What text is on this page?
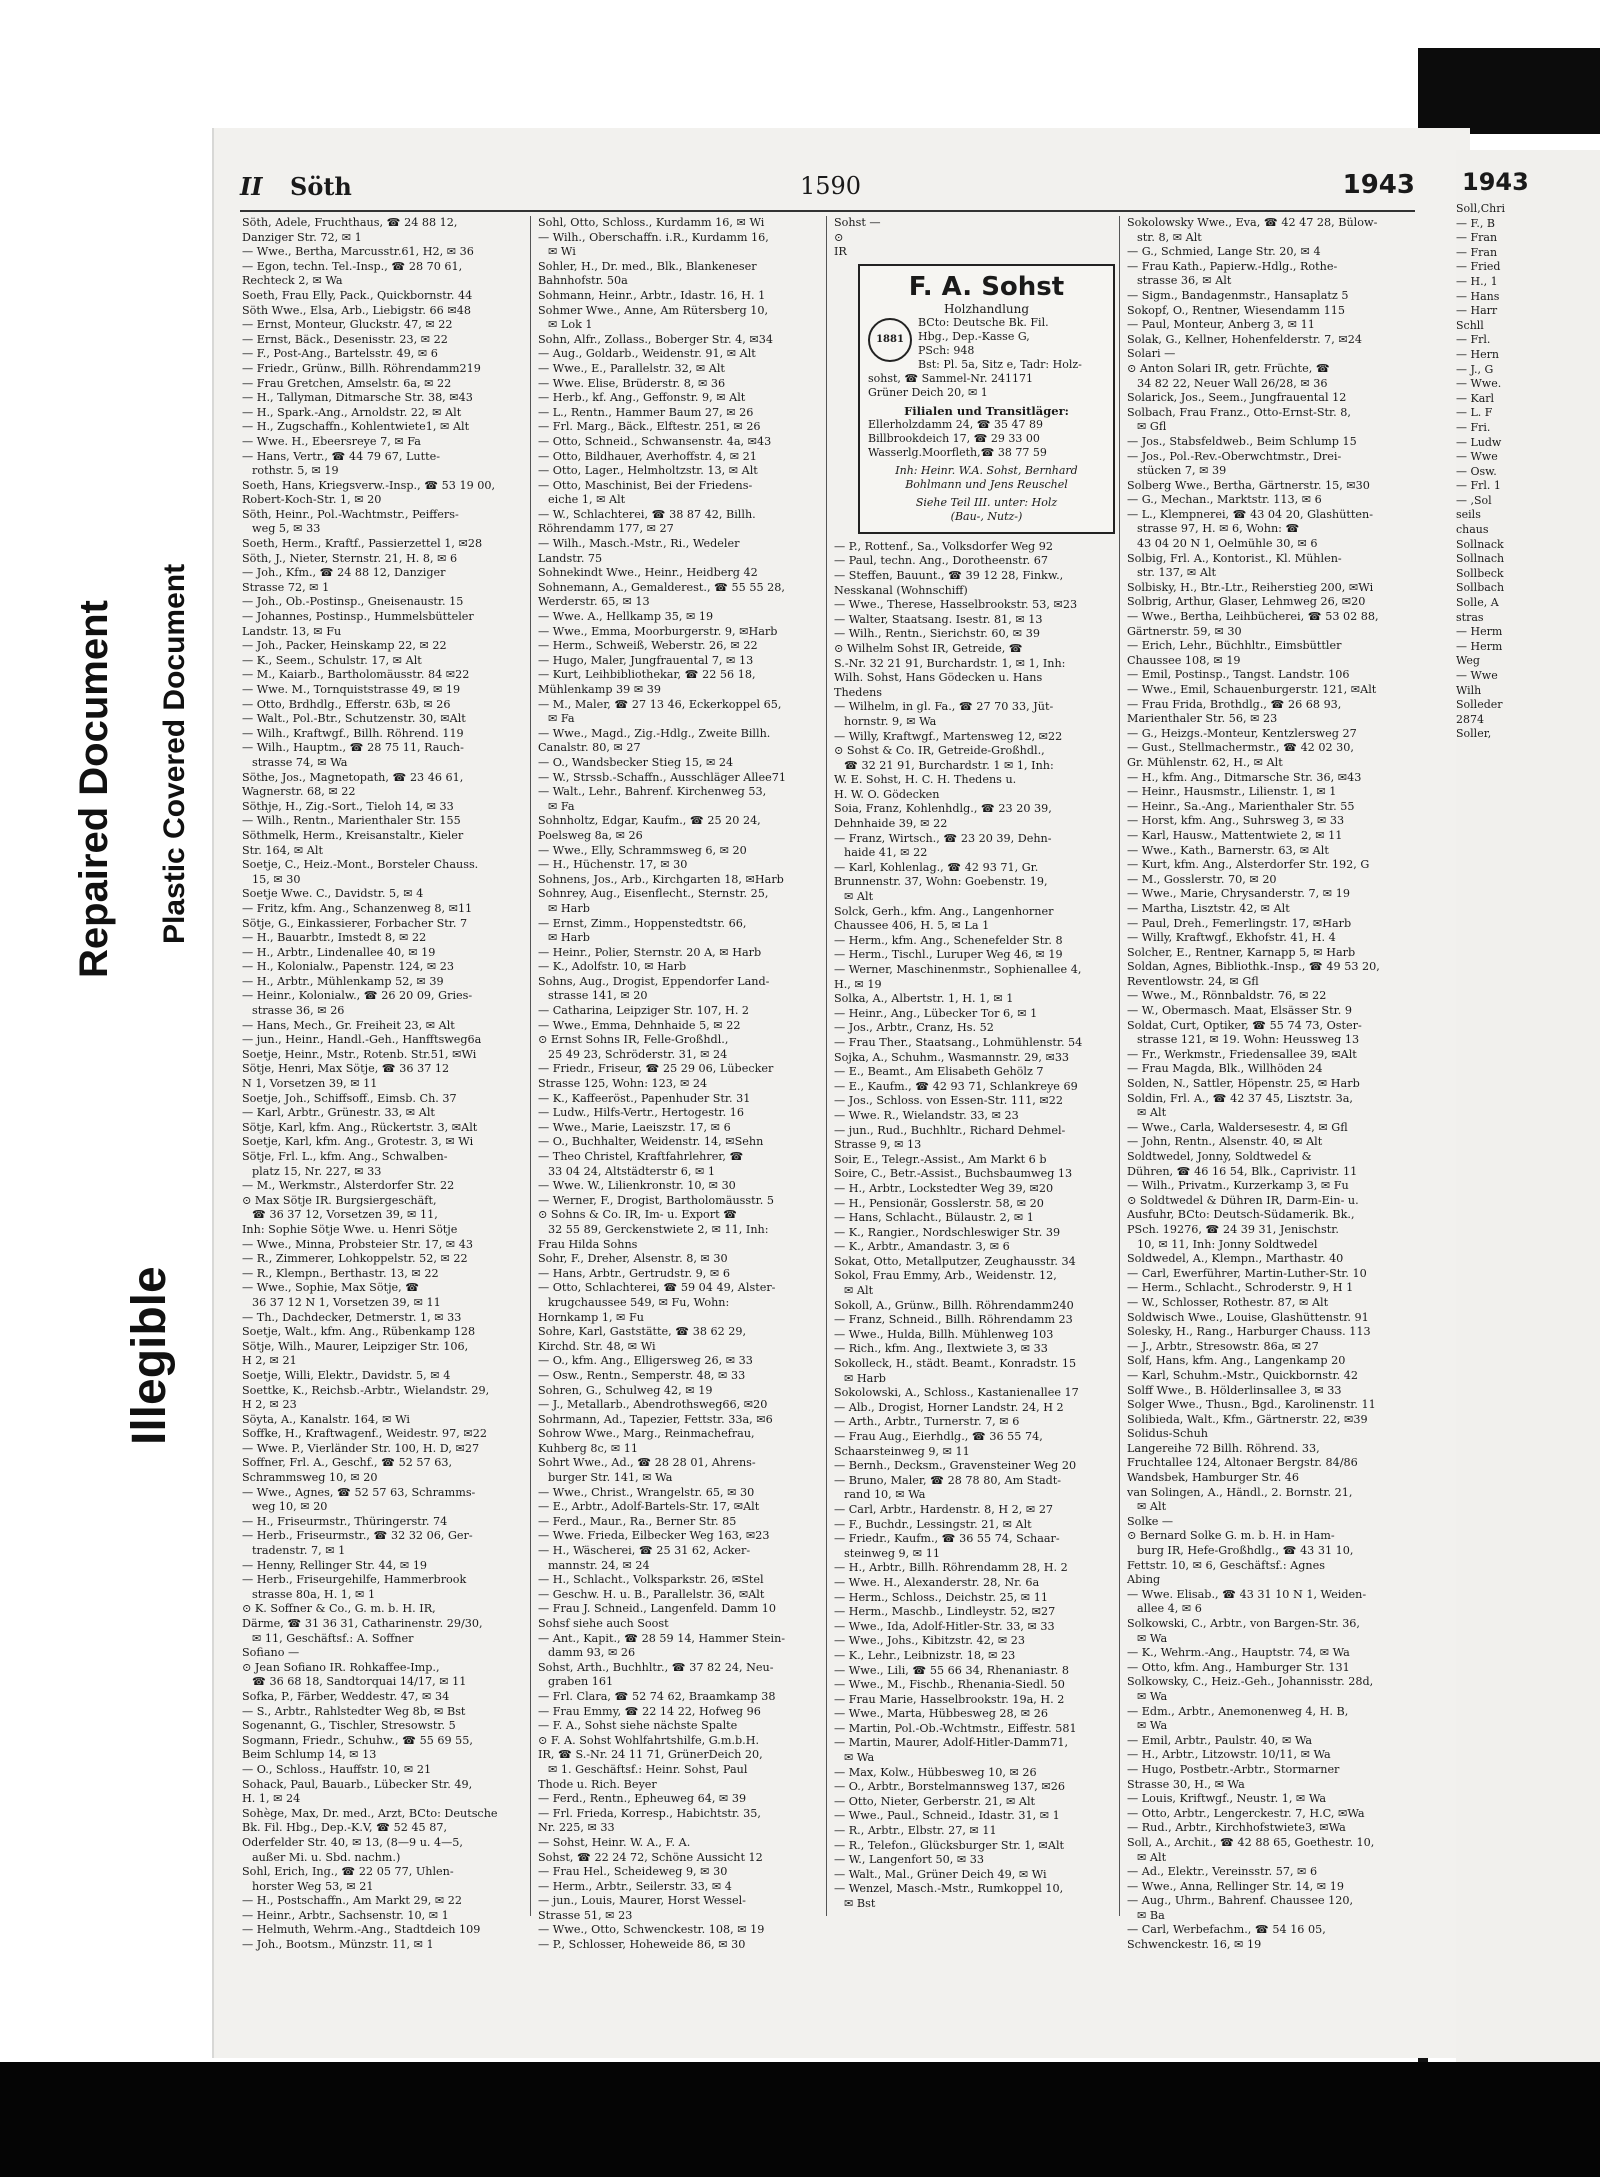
1943

Soll,Chri

— F., B

— Fran

— Fran

— Fried

— H., 1

— Hans

— Harr

Schll

— Frl.

— Hern

— J., G

— Wwe.

— Karl

— L. F

— Fri.

— Ludw

— Wwe

— Osw.

— Frl. 1

— ,Sol

seils

chaus

Sollnack

Sollnach

Sollbeck

Sollbach

Solle, A

stras

— Herm

— Herm

Weg

— Wwe

Wilh

Solleder

2874

Soller,

II Söth	1590	1943

Söth, Adele, Fruchthaus, ☎ 24 88 12,

Danziger Str. 72, ✉ 1

— Wwe., Bertha, Marcusstr.61, H2, ✉ 36

— Egon, techn. Tel.-Insp., ☎ 28 70 61,

Rechteck 2, ✉ Wa

Soeth, Frau Elly, Pack., Quickbornstr. 44

Söth Wwe., Elsa, Arb., Liebigstr. 66 ✉48

— Ernst, Monteur, Gluckstr. 47, ✉ 22

— Ernst, Bäck., Desenisstr. 23, ✉ 22

— F., Post-Ang., Bartelsstr. 49, ✉ 6

— Friedr., Grünw., Billh. Röhrendamm219

— Frau Gretchen, Amselstr. 6a, ✉ 22

— H., Tallyman, Ditmarsche Str. 38, ✉43

— H., Spark.-Ang., Arnoldstr. 22, ✉ Alt

— H., Zugschaffn., Kohlentwiete1, ✉ Alt

— Wwe. H., Ebeersreye 7, ✉ Fa

— Hans, Vertr., ☎ 44 79 67, Lutte-

rothstr. 5, ✉ 19

Soeth, Hans, Kriegsverw.-Insp., ☎ 53 19 00,

Robert-Koch-Str. 1, ✉ 20

Söth, Heinr., Pol.-Wachtmstr., Peiffers-

weg 5, ✉ 33

Soeth, Herm., Kraftf., Passierzettel 1, ✉28

Söth, J., Nieter, Sternstr. 21, H. 8, ✉ 6

— Joh., Kfm., ☎ 24 88 12, Danziger

Strasse 72, ✉ 1

— Joh., Ob.-Postinsp., Gneisenaustr. 15

— Johannes, Postinsp., Hummelsbütteler

Landstr. 13, ✉ Fu

— Joh., Packer, Heinskamp 22, ✉ 22

— K., Seem., Schulstr. 17, ✉ Alt

— M., Kaiarb., Bartholomäusstr. 84 ✉22

— Wwe. M., Tornquiststrasse 49, ✉ 19

— Otto, Brdhdlg., Efferstr. 63b, ✉ 26

— Walt., Pol.-Btr., Schutzenstr. 30, ✉Alt

— Wilh., Kraftwgf., Billh. Röhrend. 119

— Wilh., Hauptm., ☎ 28 75 11, Rauch-

strasse 74, ✉ Wa

Söthe, Jos., Magnetopath, ☎ 23 46 61,

Wagnerstr. 68, ✉ 22

Söthje, H., Zig.-Sort., Tieloh 14, ✉ 33

— Wilh., Rentn., Marienthaler Str. 155

Söthmelk, Herm., Kreisanstaltr., Kieler

Str. 164, ✉ Alt

Soetje, C., Heiz.-Mont., Borsteler Chauss.

15, ✉ 30

Soetje Wwe. C., Davidstr. 5, ✉ 4

— Fritz, kfm. Ang., Schanzenweg 8, ✉11

Sötje, G., Einkassierer, Forbacher Str. 7

— H., Bauarbtr., Imstedt 8, ✉ 22

— H., Arbtr., Lindenallee 40, ✉ 19

— H., Kolonialw., Papenstr. 124, ✉ 23

— H., Arbtr., Mühlenkamp 52, ✉ 39

— Heinr., Kolonialw., ☎ 26 20 09, Gries-

strasse 36, ✉ 26

— Hans, Mech., Gr. Freiheit 23, ✉ Alt

— jun., Heinr., Handl.-Geh., Hanfftsweg6a

Soetje, Heinr., Mstr., Rotenb. Str.51, ✉Wi

Sötje, Henri, Max Sötje, ☎ 36 37 12

N 1, Vorsetzen 39, ✉ 11

Soetje, Joh., Schiffsoff., Eimsb. Ch. 37

— Karl, Arbtr., Grünestr. 33, ✉ Alt

Sötje, Karl, kfm. Ang., Rückertstr. 3, ✉Alt

Soetje, Karl, kfm. Ang., Grotestr. 3, ✉ Wi

Sötje, Frl. L., kfm. Ang., Schwalben-

platz 15, Nr. 227, ✉ 33

— M., Werkmstr., Alsterdorfer Str. 22

⊙ Max Sötje IR. Burgsiergeschäft,

☎ 36 37 12, Vorsetzen 39, ✉ 11,

Inh: Sophie Sötje Wwe. u. Henri Sötje

— Wwe., Minna, Probsteier Str. 17, ✉ 43

— R., Zimmerer, Lohkoppelstr. 52, ✉ 22

— R., Klempn., Berthastr. 13, ✉ 22

— Wwe., Sophie, Max Sötje, ☎

36 37 12 N 1, Vorsetzen 39, ✉ 11

— Th., Dachdecker, Detmerstr. 1, ✉ 33

Soetje, Walt., kfm. Ang., Rübenkamp 128

Sötje, Wilh., Maurer, Leipziger Str. 106,

H 2, ✉ 21

Soetje, Willi, Elektr., Davidstr. 5, ✉ 4

Soettke, K., Reichsb.-Arbtr., Wielandstr. 29,

H 2, ✉ 23

Söyta, A., Kanalstr. 164, ✉ Wi

Soffke, H., Kraftwagenf., Weidestr. 97, ✉22

— Wwe. P., Vierländer Str. 100, H. D, ✉27

Soffner, Frl. A., Geschf., ☎ 52 57 63,

Schrammsweg 10, ✉ 20

— Wwe., Agnes, ☎ 52 57 63, Schramms-

weg 10, ✉ 20

— H., Friseurmstr., Thüringerstr. 74

— Herb., Friseurmstr., ☎ 32 32 06, Ger-

tradenstr. 7, ✉ 1

— Henny, Rellinger Str. 44, ✉ 19

— Herb., Friseurgehilfe, Hammerbrook

strasse 80a, H. 1, ✉ 1

⊙ K. Soffner & Co., G. m. b. H. IR,

Därme, ☎ 31 36 31, Catharinenstr. 29/30,

✉ 11, Geschäftsf.: A. Soffner

Sofiano —

⊙ Jean Sofiano IR. Rohkaffee-Imp.,

☎ 36 68 18, Sandtorquai 14/17, ✉ 11

Sofka, P., Färber, Weddestr. 47, ✉ 34

— S., Arbtr., Rahlstedter Weg 8b, ✉ Bst

Sogenannt, G., Tischler, Stresowstr. 5

Sogmann, Friedr., Schuhw., ☎ 55 69 55,

Beim Schlump 14, ✉ 13

— O., Schloss., Hauffstr. 10, ✉ 21

Sohack, Paul, Bauarb., Lübecker Str. 49,

H. 1, ✉ 24

Sohège, Max, Dr. med., Arzt, BCto: Deutsche

Bk. Fil. Hbg., Dep.-K.V, ☎ 52 45 87,

Oderfelder Str. 40, ✉ 13, (8—9 u. 4—5,

außer Mi. u. Sbd. nachm.)

Sohl, Erich, Ing., ☎ 22 05 77, Uhlen-

horster Weg 53, ✉ 21

— H., Postschaffn., Am Markt 29, ✉ 22

— Heinr., Arbtr., Sachsenstr. 10, ✉ 1

— Helmuth, Wehrm.-Ang., Stadtdeich 109

— Joh., Bootsm., Münzstr. 11, ✉ 1

Sohl, Otto, Schloss., Kurdamm 16, ✉ Wi

— Wilh., Oberschaffn. i.R., Kurdamm 16,

✉ Wi

Sohler, H., Dr. med., Blk., Blankeneser

Bahnhofstr. 50a

Sohmann, Heinr., Arbtr., Idastr. 16, H. 1

Sohmer Wwe., Anne, Am Rütersberg 10,

✉ Lok 1

Sohn, Alfr., Zollass., Boberger Str. 4, ✉34

— Aug., Goldarb., Weidenstr. 91, ✉ Alt

— Wwe., E., Parallelstr. 32, ✉ Alt

— Wwe. Elise, Brüderstr. 8, ✉ 36

— Herb., kf. Ang., Geffonstr. 9, ✉ Alt

— L., Rentn., Hammer Baum 27, ✉ 26

— Frl. Marg., Bäck., Elftestr. 251, ✉ 26

— Otto, Schneid., Schwansenstr. 4a, ✉43

— Otto, Bildhauer, Averhoffstr. 4, ✉ 21

— Otto, Lager., Helmholtzstr. 13, ✉ Alt

— Otto, Maschinist, Bei der Friedens-

eiche 1, ✉ Alt

— W., Schlachterei, ☎ 38 87 42, Billh.

Röhrendamm 177, ✉ 27

— Wilh., Masch.-Mstr., Ri., Wedeler

Landstr. 75

Sohnekindt Wwe., Heinr., Heidberg 42

Sohnemann, A., Gemalderest., ☎ 55 55 28,

Werderstr. 65, ✉ 13

— Wwe. A., Hellkamp 35, ✉ 19

— Wwe., Emma, Moorburgerstr. 9, ✉Harb

— Herm., Schweiß, Weberstr. 26, ✉ 22

— Hugo, Maler, Jungfrauental 7, ✉ 13

— Kurt, Leihbibliothekar, ☎ 22 56 18,

Mühlenkamp 39 ✉ 39

— M., Maler, ☎ 27 13 46, Eckerkoppel 65,

✉ Fa

— Wwe., Magd., Zig.-Hdlg., Zweite Billh.

Canalstr. 80, ✉ 27

— O., Wandsbecker Stieg 15, ✉ 24

— W., Strssb.-Schaffn., Ausschläger Allee71

— Walt., Lehr., Bahrenf. Kirchenweg 53,

✉ Fa

Sohnholtz, Edgar, Kaufm., ☎ 25 20 24,

Poelsweg 8a, ✉ 26

— Wwe., Elly, Schrammsweg 6, ✉ 20

— H., Hüchenstr. 17, ✉ 30

Sohnens, Jos., Arb., Kirchgarten 18, ✉Harb

Sohnrey, Aug., Eisenflecht., Sternstr. 25,

✉ Harb

— Ernst, Zimm., Hoppenstedtstr. 66,

✉ Harb

— Heinr., Polier, Sternstr. 20 A, ✉ Harb

— K., Adolfstr. 10, ✉ Harb

Sohns, Aug., Drogist, Eppendorfer Land-

strasse 141, ✉ 20

— Catharina, Leipziger Str. 107, H. 2

— Wwe., Emma, Dehnhaide 5, ✉ 22

⊙ Ernst Sohns IR, Felle-Großhdl.,

25 49 23, Schröderstr. 31, ✉ 24

— Friedr., Friseur, ☎ 25 29 06, Lübecker

Strasse 125, Wohn: 123, ✉ 24

— K., Kaffeeröst., Papenhuder Str. 31

— Ludw., Hilfs-Vertr., Hertogestr. 16

— Wwe., Marie, Laeiszstr. 17, ✉ 6

— O., Buchhalter, Weidenstr. 14, ✉Sehn

— Theo Christel, Kraftfahrlehrer, ☎

33 04 24, Altstädterstr 6, ✉ 1

— Wwe. W., Lilienkronstr. 10, ✉ 30

— Werner, F., Drogist, Bartholomäusstr. 5

⊙ Sohns & Co. IR, Im- u. Export ☎

32 55 89, Gerckenstwiete 2, ✉ 11, Inh:

Frau Hilda Sohns

Sohr, F., Dreher, Alsenstr. 8, ✉ 30

— Hans, Arbtr., Gertrudstr. 9, ✉ 6

— Otto, Schlachterei, ☎ 59 04 49, Alster-

krugchaussee 549, ✉ Fu, Wohn:

Hornkamp 1, ✉ Fu

Sohre, Karl, Gaststätte, ☎ 38 62 29,

Kirchd. Str. 48, ✉ Wi

— O., kfm. Ang., Elligersweg 26, ✉ 33

— Osw., Rentn., Semperstr. 48, ✉ 33

Sohren, G., Schulweg 42, ✉ 19

— J., Metallarb., Abendrothsweg66, ✉20

Sohrmann, Ad., Tapezier, Fettstr. 33a, ✉6

Sohrow Wwe., Marg., Reinmachefrau,

Kuhberg 8c, ✉ 11

Sohrt Wwe., Ad., ☎ 28 28 01, Ahrens-

burger Str. 141, ✉ Wa

— Wwe., Christ., Wrangelstr. 65, ✉ 30

— E., Arbtr., Adolf-Bartels-Str. 17, ✉Alt

— Ferd., Maur., Ra., Berner Str. 85

— Wwe. Frieda, Eilbecker Weg 163, ✉23

— H., Wäscherei, ☎ 25 31 62, Acker-

mannstr. 24, ✉ 24

— H., Schlacht., Volksparkstr. 26, ✉Stel

— Geschw. H. u. B., Parallelstr. 36, ✉Alt

— Frau J. Schneid., Langenfeld. Damm 10

Sohsf siehe auch Soost

— Ant., Kapit., ☎ 28 59 14, Hammer Stein-

damm 93, ✉ 26

Sohst, Arth., Buchhltr., ☎ 37 82 24, Neu-

graben 161

— Frl. Clara, ☎ 52 74 62, Braamkamp 38

— Frau Emmy, ☎ 22 14 22, Hofweg 96

— F. A., Sohst siehe nächste Spalte

⊙ F. A. Sohst Wohlfahrtshilfe, G.m.b.H.

IR, ☎ S.-Nr. 24 11 71, GrünerDeich 20,

✉ 1. Geschäftsf.: Heinr. Sohst, Paul

Thode u. Rich. Beyer

— Ferd., Rentn., Epheuweg 64, ✉ 39

— Frl. Frieda, Korresp., Habichtstr. 35,

Nr. 225, ✉ 33

— Sohst, Heinr. W. A., F. A.

Sohst, ☎ 22 24 72, Schöne Aussicht 12

— Frau Hel., Scheideweg 9, ✉ 30

— Herm., Arbtr., Seilerstr. 33, ✉ 4

— jun., Louis, Maurer, Horst Wessel-

Strasse 51, ✉ 23

— Wwe., Otto, Schwenckestr. 108, ✉ 19

— P., Schlosser, Hoheweide 86, ✉ 30

Sohst —

⊙

IR

F. A. Sohst
Holzhandlung
1881
BCto: Deutsche Bk. Fil.
Hbg., Dep.-Kasse G,
PSch: 948
Bst: Pl. 5a, Sitz e, Tadr: Holz-
sohst, ☎ Sammel-Nr. 241171
Grüner Deich 20, ✉ 1
Filialen und Transitläger:
Ellerholzdamm 24, ☎ 35 47 89
Billbrookdeich 17, ☎ 29 33 00
Wasserlg.Moorfleth,☎ 38 77 59
Inh: Heinr. W.A. Sohst, Bernhard
Bohlmann und Jens Reuschel
Siehe Teil III. unter: Holz
(Bau-, Nutz-)

— P., Rottenf., Sa., Volksdorfer Weg 92

— Paul, techn. Ang., Dorotheenstr. 67

— Steffen, Bauunt., ☎ 39 12 28, Finkw.,

Nesskanal (Wohnschiff)

— Wwe., Therese, Hasselbrookstr. 53, ✉23

— Walter, Staatsang. Isestr. 81, ✉ 13

— Wilh., Rentn., Sierichstr. 60, ✉ 39

⊙ Wilhelm Sohst IR, Getreide, ☎

S.-Nr. 32 21 91, Burchardstr. 1, ✉ 1, Inh:

Wilh. Sohst, Hans Gödecken u. Hans

Thedens

— Wilhelm, in gl. Fa., ☎ 27 70 33, Jüt-

hornstr. 9, ✉ Wa

— Willy, Kraftwgf., Martensweg 12, ✉22

⊙ Sohst & Co. IR, Getreide-Großhdl.,

☎ 32 21 91, Burchardstr. 1 ✉ 1, Inh:

W. E. Sohst, H. C. H. Thedens u.

H. W. O. Gödecken

Soia, Franz, Kohlenhdlg., ☎ 23 20 39,

Dehnhaide 39, ✉ 22

— Franz, Wirtsch., ☎ 23 20 39, Dehn-

haide 41, ✉ 22

— Karl, Kohlenlag., ☎ 42 93 71, Gr.

Brunnenstr. 37, Wohn: Goebenstr. 19,

✉ Alt

Solck, Gerh., kfm. Ang., Langenhorner

Chaussee 406, H. 5, ✉ La 1

— Herm., kfm. Ang., Schenefelder Str. 8

— Herm., Tischl., Luruper Weg 46, ✉ 19

— Werner, Maschinenmstr., Sophienallee 4,

H., ✉ 19

Solka, A., Albertstr. 1, H. 1, ✉ 1

— Heinr., Ang., Lübecker Tor 6, ✉ 1

— Jos., Arbtr., Cranz, Hs. 52

— Frau Ther., Staatsang., Lohmühlenstr. 54

Sojka, A., Schuhm., Wasmannstr. 29, ✉33

— E., Beamt., Am Elisabeth Gehölz 7

— E., Kaufm., ☎ 42 93 71, Schlankreye 69

— Jos., Schloss. von Essen-Str. 111, ✉22

— Wwe. R., Wielandstr. 33, ✉ 23

— jun., Rud., Buchhltr., Richard Dehmel-

Strasse 9, ✉ 13

Soir, E., Telegr.-Assist., Am Markt 6 b

Soire, C., Betr.-Assist., Buchsbaumweg 13

— H., Arbtr., Lockstedter Weg 39, ✉20

— H., Pensionär, Gosslerstr. 58, ✉ 20

— Hans, Schlacht., Bülaustr. 2, ✉ 1

— K., Rangier., Nordschleswiger Str. 39

— K., Arbtr., Amandastr. 3, ✉ 6

Sokat, Otto, Metallputzer, Zeughausstr. 34

Sokol, Frau Emmy, Arb., Weidenstr. 12,

✉ Alt

Sokoll, A., Grünw., Billh. Röhrendamm240

— Franz, Schneid., Billh. Röhrendamm 23

— Wwe., Hulda, Billh. Mühlenweg 103

— Rich., kfm. Ang., Ilextwiete 3, ✉ 33

Sokolleck, H., städt. Beamt., Konradstr. 15

✉ Harb

Sokolowski, A., Schloss., Kastanienallee 17

— Alb., Drogist, Horner Landstr. 24, H 2

— Arth., Arbtr., Turnerstr. 7, ✉ 6

— Frau Aug., Eierhdlg., ☎ 36 55 74,

Schaarsteinweg 9, ✉ 11

— Bernh., Decksm., Gravensteiner Weg 20

— Bruno, Maler, ☎ 28 78 80, Am Stadt-

rand 10, ✉ Wa

— Carl, Arbtr., Hardenstr. 8, H 2, ✉ 27

— F., Buchdr., Lessingstr. 21, ✉ Alt

— Friedr., Kaufm., ☎ 36 55 74, Schaar-

steinweg 9, ✉ 11

— H., Arbtr., Billh. Röhrendamm 28, H. 2

— Wwe. H., Alexanderstr. 28, Nr. 6a

— Herm., Schloss., Deichstr. 25, ✉ 11

— Herm., Maschb., Lindleystr. 52, ✉27

— Wwe., Ida, Adolf-Hitler-Str. 33, ✉ 33

— Wwe., Johs., Kibitzstr. 42, ✉ 23

— K., Lehr., Leibnizstr. 18, ✉ 23

— Wwe., Lili, ☎ 55 66 34, Rhenaniastr. 8

— Wwe., M., Fischb., Rhenania-Siedl. 50

— Frau Marie, Hasselbrookstr. 19a, H. 2

— Wwe., Marta, Hübbesweg 28, ✉ 26

— Martin, Pol.-Ob.-Wchtmstr., Eiffestr. 581

— Martin, Maurer, Adolf-Hitler-Damm71,

✉ Wa

— Max, Kolw., Hübbesweg 10, ✉ 26

— O., Arbtr., Borstelmannsweg 137, ✉26

— Otto, Nieter, Gerberstr. 21, ✉ Alt

— Wwe., Paul., Schneid., Idastr. 31, ✉ 1

— R., Arbtr., Elbstr. 27, ✉ 11

— R., Telefon., Glücksburger Str. 1, ✉Alt

— W., Langenfort 50, ✉ 33

— Walt., Mal., Grüner Deich 49, ✉ Wi

— Wenzel, Masch.-Mstr., Rumkoppel 10,

✉ Bst

Sokolowsky Wwe., Eva, ☎ 42 47 28, Bülow-

str. 8, ✉ Alt

— G., Schmied, Lange Str. 20, ✉ 4

— Frau Kath., Papierw.-Hdlg., Rothe-

strasse 36, ✉ Alt

— Sigm., Bandagenmstr., Hansaplatz 5

Sokopf, O., Rentner, Wiesendamm 115

— Paul, Monteur, Anberg 3, ✉ 11

Solak, G., Kellner, Hohenfelderstr. 7, ✉24

Solari —

⊙ Anton Solari IR, getr. Früchte, ☎

34 82 22, Neuer Wall 26/28, ✉ 36

Solarick, Jos., Seem., Jungfrauental 12

Solbach, Frau Franz., Otto-Ernst-Str. 8,

✉ Gfl

— Jos., Stabsfeldweb., Beim Schlump 15

— Jos., Pol.-Rev.-Oberwchtmstr., Drei-

stücken 7, ✉ 39

Solberg Wwe., Bertha, Gärtnerstr. 15, ✉30

— G., Mechan., Marktstr. 113, ✉ 6

— L., Klempnerei, ☎ 43 04 20, Glashütten-

strasse 97, H. ✉ 6, Wohn: ☎

43 04 20 N 1, Oelmühle 30, ✉ 6

Solbig, Frl. A., Kontorist., Kl. Mühlen-

str. 137, ✉ Alt

Solbisky, H., Btr.-Ltr., Reiherstieg 200, ✉Wi

Solbrig, Arthur, Glaser, Lehmweg 26, ✉20

— Wwe., Bertha, Leihbücherei, ☎ 53 02 88,

Gärtnerstr. 59, ✉ 30

— Erich, Lehr., Büchhltr., Eimsbüttler

Chaussee 108, ✉ 19

— Emil, Postinsp., Tangst. Landstr. 106

— Wwe., Emil, Schauenburgerstr. 121, ✉Alt

— Frau Frida, Brothdlg., ☎ 26 68 93,

Marienthaler Str. 56, ✉ 23

— G., Heizgs.-Monteur, Kentzlersweg 27

— Gust., Stellmachermstr., ☎ 42 02 30,

Gr. Mühlenstr. 62, H., ✉ Alt

— H., kfm. Ang., Ditmarsche Str. 36, ✉43

— Heinr., Hausmstr., Lilienstr. 1, ✉ 1

— Heinr., Sa.-Ang., Marienthaler Str. 55

— Horst, kfm. Ang., Suhrsweg 3, ✉ 33

— Karl, Hausw., Mattentwiete 2, ✉ 11

— Wwe., Kath., Barnerstr. 63, ✉ Alt

— Kurt, kfm. Ang., Alsterdorfer Str. 192, G

— M., Gosslerstr. 70, ✉ 20

— Wwe., Marie, Chrysanderstr. 7, ✉ 19

— Martha, Lisztstr. 42, ✉ Alt

— Paul, Dreh., Femerlingstr. 17, ✉Harb

— Willy, Kraftwgf., Ekhofstr. 41, H. 4

Solcher, E., Rentner, Karnapp 5, ✉ Harb

Soldan, Agnes, Bibliothk.-Insp., ☎ 49 53 20,

Reventlowstr. 24, ✉ Gfl

— Wwe., M., Rönnbaldstr. 76, ✉ 22

— W., Obermasch. Maat, Elsässer Str. 9

Soldat, Curt, Optiker, ☎ 55 74 73, Oster-

strasse 121, ✉ 19. Wohn: Heussweg 13

— Fr., Werkmstr., Friedensallee 39, ✉Alt

— Frau Magda, Blk., Willhöden 24

Solden, N., Sattler, Höpenstr. 25, ✉ Harb

Soldin, Frl. A., ☎ 42 37 45, Lisztstr. 3a,

✉ Alt

— Wwe., Carla, Waldersesestr. 4, ✉ Gfl

— John, Rentn., Alsenstr. 40, ✉ Alt

Soldtwedel, Jonny, Soldtwedel &

Dühren, ☎ 46 16 54, Blk., Caprivistr. 11

— Wilh., Privatm., Kurzerkamp 3, ✉ Fu

⊙ Soldtwedel & Dühren IR, Darm-Ein- u.

Ausfuhr, BCto: Deutsch-Südamerik. Bk.,

PSch. 19276, ☎ 24 39 31, Jenischstr.

10, ✉ 11, Inh: Jonny Soldtwedel

Soldwedel, A., Klempn., Marthastr. 40

— Carl, Ewerführer, Martin-Luther-Str. 10

— Herm., Schlacht., Schroderstr. 9, H 1

— W., Schlosser, Rothestr. 87, ✉ Alt

Soldwisch Wwe., Louise, Glashüttenstr. 91

Solesky, H., Rang., Harburger Chauss. 113

— J., Arbtr., Stresowstr. 86a, ✉ 27

Solf, Hans, kfm. Ang., Langenkamp 20

— Karl, Schuhm.-Mstr., Quickbornstr. 42

Solff Wwe., B. Hölderlinsallee 3, ✉ 33

Solger Wwe., Thusn., Bgd., Karolinenstr. 11

Solibieda, Walt., Kfm., Gärtnerstr. 22, ✉39

Solidus-Schuh

Langereihe 72 Billh. Röhrend. 33,

Fruchtallee 124, Altonaer Bergstr. 84/86

Wandsbek, Hamburger Str. 46

van Solingen, A., Händl., 2. Bornstr. 21,

✉ Alt

Solke —

⊙ Bernard Solke G. m. b. H. in Ham-

burg IR, Hefe-Großhdlg., ☎ 43 31 10,

Fettstr. 10, ✉ 6, Geschäftsf.: Agnes

Abing

— Wwe. Elisab., ☎ 43 31 10 N 1, Weiden-

allee 4, ✉ 6

Solkowski, C., Arbtr., von Bargen-Str. 36,

✉ Wa

— K., Wehrm.-Ang., Hauptstr. 74, ✉ Wa

— Otto, kfm. Ang., Hamburger Str. 131

Solkowsky, C., Heiz.-Geh., Johannisstr. 28d,

✉ Wa

— Edm., Arbtr., Anemonenweg 4, H. B,

✉ Wa

— Emil, Arbtr., Paulstr. 40, ✉ Wa

— H., Arbtr., Litzowstr. 10/11, ✉ Wa

— Hugo, Postbetr.-Arbtr., Stormarner

Strasse 30, H., ✉ Wa

— Louis, Kriftwgf., Neustr. 1, ✉ Wa

— Otto, Arbtr., Lengerckestr. 7, H.C, ✉Wa

— Rud., Arbtr., Kirchhofstwiete3, ✉Wa

Soll, A., Archit., ☎ 42 88 65, Goethestr. 10,

✉ Alt

— Ad., Elektr., Vereinsstr. 57, ✉ 6

— Wwe., Anna, Rellinger Str. 14, ✉ 19

— Aug., Uhrm., Bahrenf. Chaussee 120,

✉ Ba

— Carl, Werbefachm., ☎ 54 16 05,

Schwenckestr. 16, ✉ 19

Repaired Document Plastic Covered Document
Illegible
